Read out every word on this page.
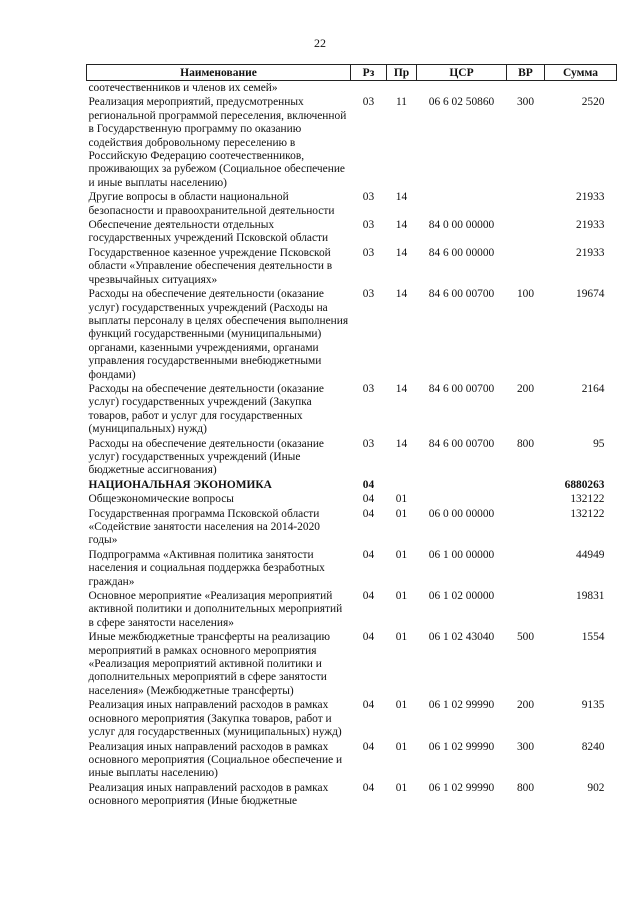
22
Наименование	Рз	Пр	ЦСР	ВР	Сумма
соотечественников и членов их семей»					
Реализация мероприятий, предусмотренных региональной программой переселения, включенной в Государственную программу по оказанию содействия добровольному переселению в Российскую Федерацию соотечественников, проживающих за рубежом (Социальное обеспечение и иные выплаты населению)	03	11	06 6 02 50860	300	2520
Другие вопросы в области национальной безопасности и правоохранительной деятельности	03	14			21933
Обеспечение деятельности отдельных государственных учреждений Псковской области	03	14	84 0 00 00000		21933
Государственное казенное учреждение Псковской области «Управление обеспечения деятельности в чрезвычайных ситуациях»	03	14	84 6 00 00000		21933
Расходы на обеспечение деятельности (оказание услуг) государственных учреждений (Расходы на выплаты персоналу в целях обеспечения выполнения функций государственными (муниципальными) органами, казенными учреждениями, органами управления государственными внебюджетными фондами)	03	14	84 6 00 00700	100	19674
Расходы на обеспечение деятельности (оказание услуг) государственных учреждений (Закупка товаров, работ и услуг для государственных (муниципальных) нужд)	03	14	84 6 00 00700	200	2164
Расходы на обеспечение деятельности (оказание услуг) государственных учреждений (Иные бюджетные ассигнования)	03	14	84 6 00 00700	800	95
НАЦИОНАЛЬНАЯ ЭКОНОМИКА	04				6880263
Общеэкономические вопросы	04	01			132122
Государственная программа Псковской области «Содействие занятости населения на 2014-2020 годы»	04	01	06 0 00 00000		132122
Подпрограмма «Активная политика занятости населения и социальная поддержка безработных граждан»	04	01	06 1 00 00000		44949
Основное мероприятие «Реализация мероприятий активной политики и дополнительных мероприятий в сфере занятости населения»	04	01	06 1 02 00000		19831
Иные межбюджетные трансферты на реализацию мероприятий в рамках основного мероприятия «Реализация мероприятий активной политики и дополнительных мероприятий в сфере занятости населения» (Межбюджетные трансферты)	04	01	06 1 02 43040	500	1554
Реализация иных направлений расходов в рамках основного мероприятия (Закупка товаров, работ и услуг для государственных (муниципальных) нужд)	04	01	06 1 02 99990	200	9135
Реализация иных направлений расходов в рамках основного мероприятия (Социальное обеспечение и иные выплаты населению)	04	01	06 1 02 99990	300	8240
Реализация иных направлений расходов в рамках основного мероприятия (Иные бюджетные	04	01	06 1 02 99990	800	902
